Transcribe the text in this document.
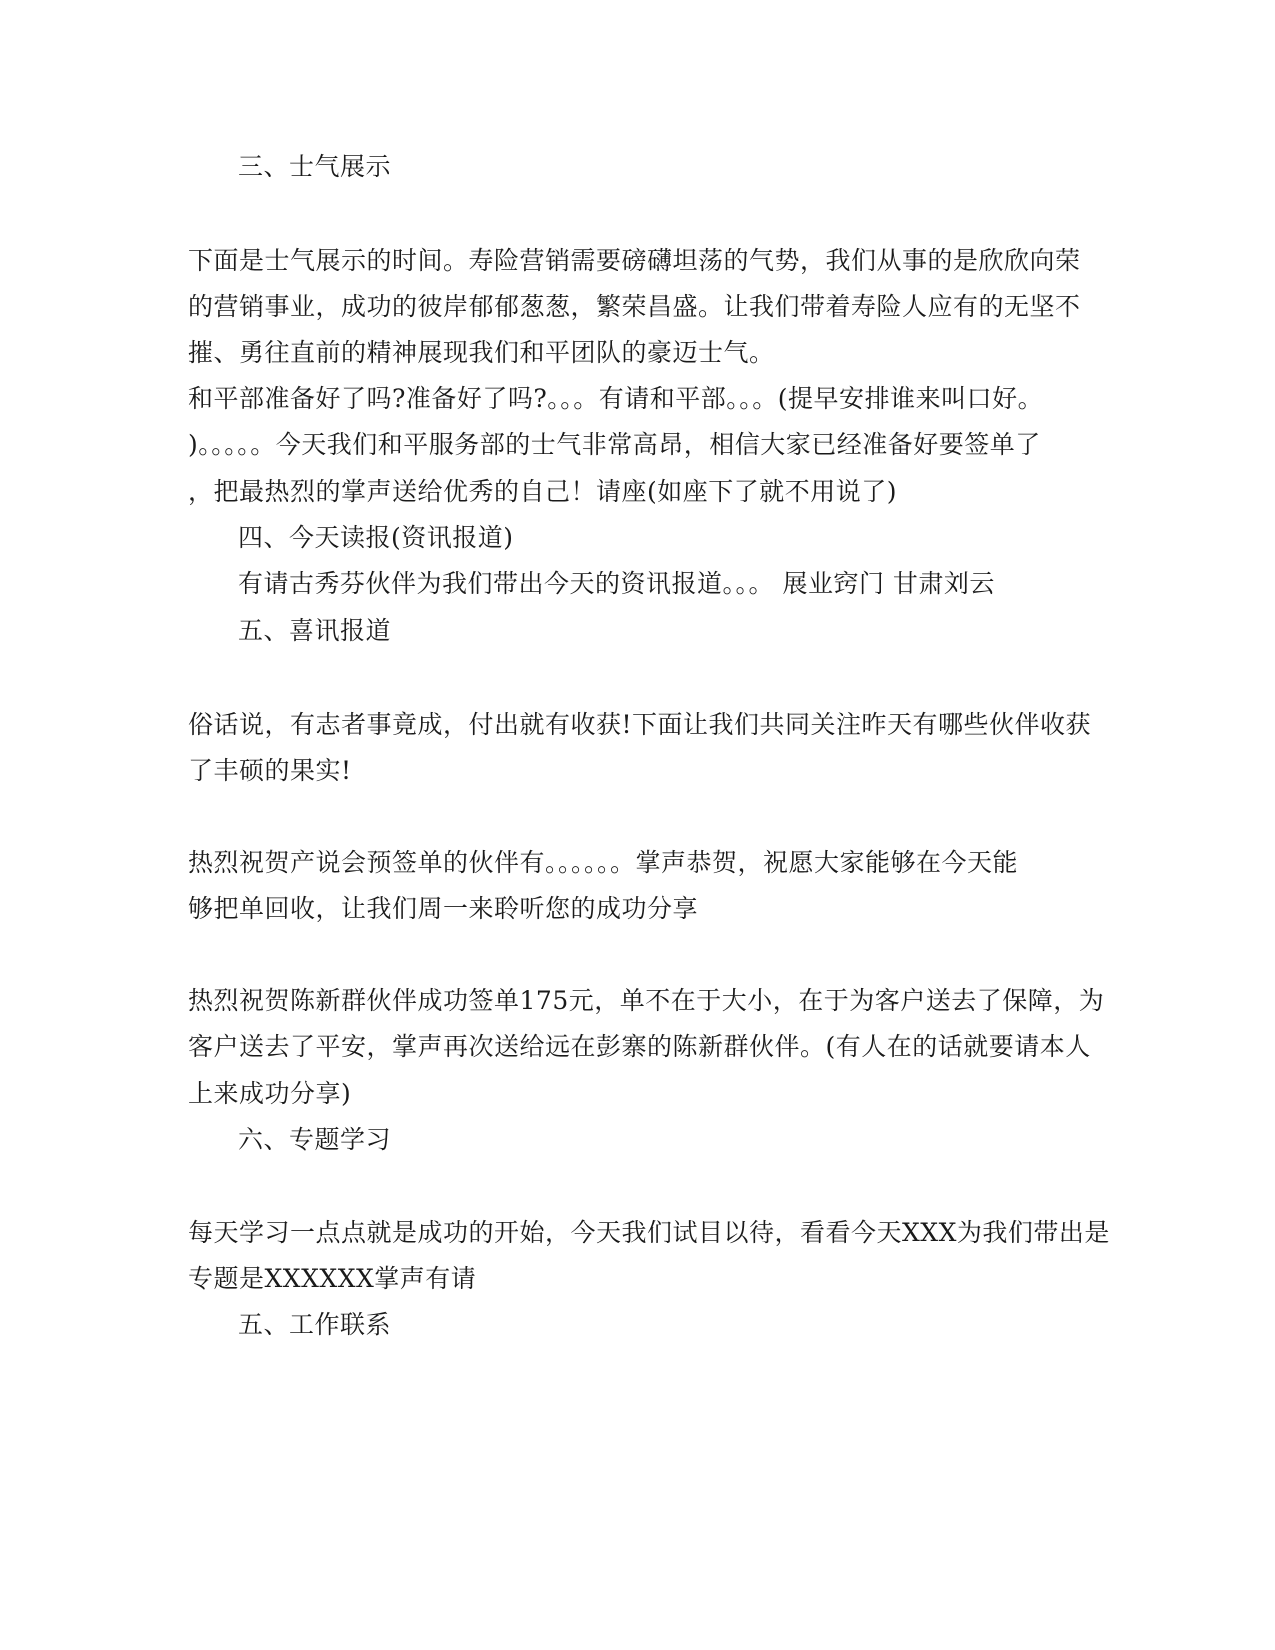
三、士气展示
下面是士气展示的时间。寿险营销需要磅礴坦荡的气势，我们从事的是欣欣向荣
的营销事业，成功的彼岸郁郁葱葱，繁荣昌盛。让我们带着寿险人应有的无坚不
摧、勇往直前的精神展现我们和平团队的豪迈士气。
和平部准备好了吗?准备好了吗?。。。有请和平部。。。(提早安排谁来叫口好。
)。。。。。今天我们和平服务部的士气非常高昂，相信大家已经准备好要签单了
，把最热烈的掌声送给优秀的自己！请座(如座下了就不用说了)
四、今天读报(资讯报道)
有请古秀芬伙伴为我们带出今天的资讯报道。。。 展业窍门 甘肃刘云
五、喜讯报道
俗话说，有志者事竟成，付出就有收获!下面让我们共同关注昨天有哪些伙伴收获
了丰硕的果实!
热烈祝贺产说会预签单的伙伴有。。。。。。掌声恭贺，祝愿大家能够在今天能
够把单回收，让我们周一来聆听您的成功分享
热烈祝贺陈新群伙伴成功签单175元，单不在于大小，在于为客户送去了保障，为
客户送去了平安，掌声再次送给远在彭寨的陈新群伙伴。(有人在的话就要请本人
上来成功分享)
六、专题学习
每天学习一点点就是成功的开始，今天我们试目以待，看看今天XXX为我们带出是
专题是XXXXXX掌声有请
五、工作联系
